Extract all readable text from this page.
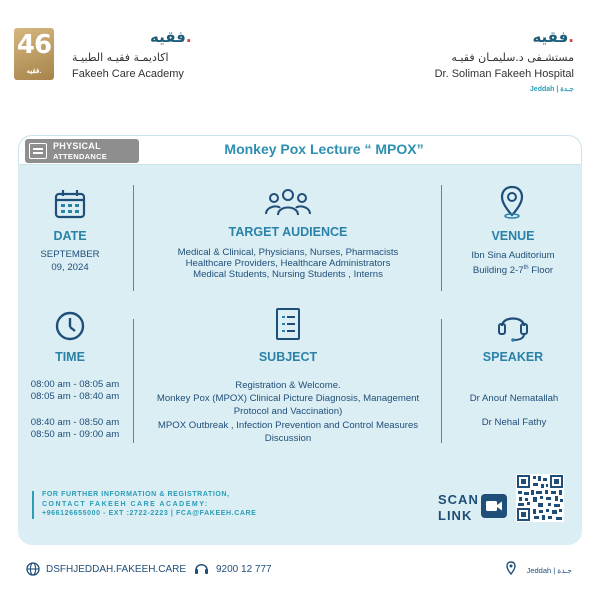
46
فقيه.
فقيه.
اكاديمـة فقيـه الطبيـة
Fakeeh Care Academy
فقيه.
مستشـفى د.سليمـان فقيـه
Dr. Soliman Fakeeh Hospital
Jeddah | جـدة
PHYSICAL
ATTENDANCE	Monkey Pox Lecture “ MPOX”
DATE
SEPTEMBER
09, 2024
TARGET AUDIENCE
Medical & Clinical, Physicians, Nurses, Pharmacists
Healthcare Providers, Healthcare Administrators
Medical Students, Nursing Students , Interns
VENUE
Ibn Sina Auditorium
Building 2-7th Floor
TIME
08:00 am - 08:05 am
08:05 am - 08:40 am
08:40 am - 08:50 am
08:50 am - 09:00 am
SUBJECT
Registration & Welcome.
Monkey Pox (MPOX) Clinical Picture Diagnosis, Management
Protocol and Vaccination)
MPOX Outbreak , Infection Prevention and Control Measures
Discussion
SPEAKER
Dr Anouf Nematallah
Dr Nehal Fathy
FOR FURTHER INFORMATION & REGISTRATION,
CONTACT FAKEEH CARE ACADEMY:
+966126655000 - EXT :2722-2223 | FCA@FAKEEH.CARE
SCAN
LINK
DSFHJEDDAH.FAKEEH.CARE	9200 12 777	Jeddah | جـدة
